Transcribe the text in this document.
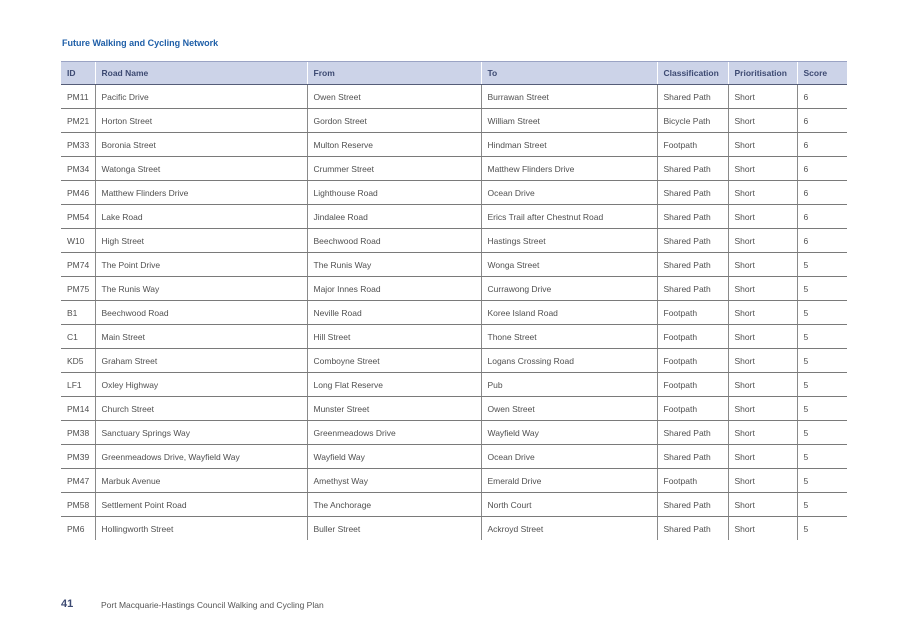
Future Walking and Cycling Network
ID	Road Name	From	To	Classification	Prioritisation	Score
PM11	Pacific Drive	Owen Street	Burrawan Street	Shared Path	Short	6
PM21	Horton Street	Gordon Street	William Street	Bicycle Path	Short	6
PM33	Boronia Street	Multon Reserve	Hindman Street	Footpath	Short	6
PM34	Watonga Street	Crummer Street	Matthew Flinders Drive	Shared Path	Short	6
PM46	Matthew Flinders Drive	Lighthouse Road	Ocean Drive	Shared Path	Short	6
PM54	Lake Road	Jindalee Road	Erics Trail after Chestnut Road	Shared Path	Short	6
W10	High Street	Beechwood Road	Hastings Street	Shared Path	Short	6
PM74	The Point Drive	The Runis Way	Wonga Street	Shared Path	Short	5
PM75	The Runis Way	Major Innes Road	Currawong Drive	Shared Path	Short	5
B1	Beechwood Road	Neville Road	Koree Island Road	Footpath	Short	5
C1	Main Street	Hill Street	Thone Street	Footpath	Short	5
KD5	Graham Street	Comboyne Street	Logans Crossing Road	Footpath	Short	5
LF1	Oxley Highway	Long Flat Reserve	Pub	Footpath	Short	5
PM14	Church Street	Munster Street	Owen Street	Footpath	Short	5
PM38	Sanctuary Springs Way	Greenmeadows Drive	Wayfield Way	Shared Path	Short	5
PM39	Greenmeadows Drive, Wayfield Way	Wayfield Way	Ocean Drive	Shared Path	Short	5
PM47	Marbuk Avenue	Amethyst Way	Emerald Drive	Footpath	Short	5
PM58	Settlement Point Road	The Anchorage	North Court	Shared Path	Short	5
PM6	Hollingworth Street	Buller Street	Ackroyd Street	Shared Path	Short	5
41	Port Macquarie-Hastings Council Walking and Cycling Plan
